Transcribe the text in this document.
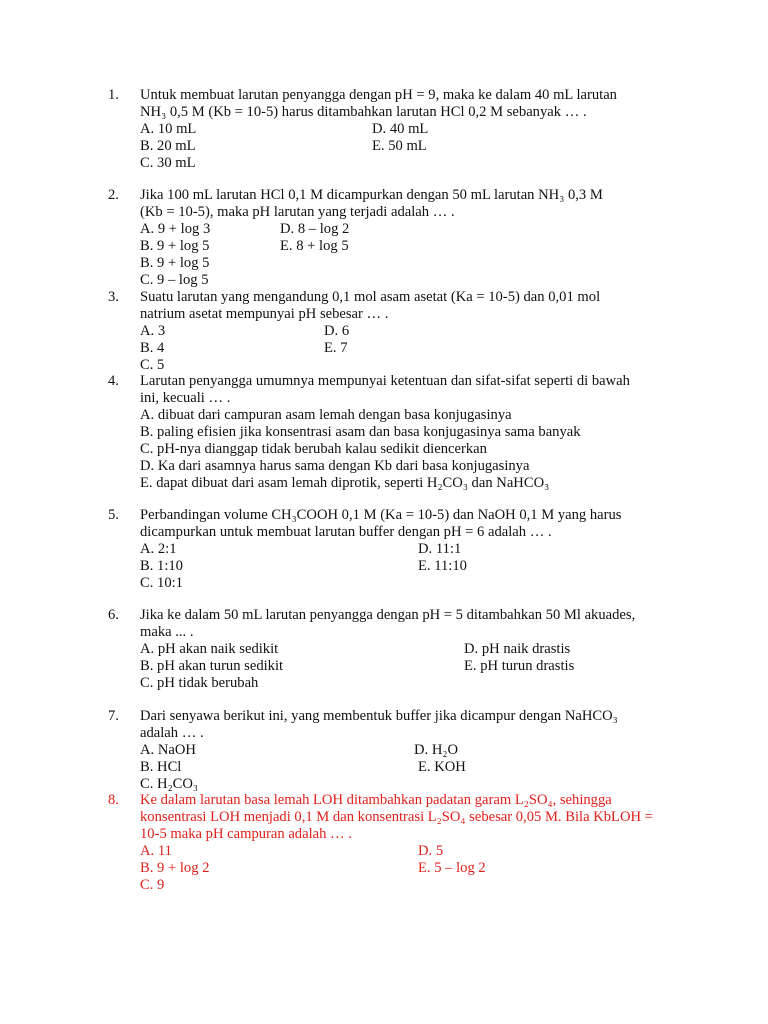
1. Untuk membuat larutan penyangga dengan pH = 9, maka ke dalam 40 mL larutan
NH₃ 0,5 M (Kb = 10-5) harus ditambahkan larutan HCl 0,2 M sebanyak … .
A. 10 mL	D. 40 mL
B. 20 mL	E. 50 mL
C. 30 mL
2. Jika 100 mL larutan HCl 0,1 M dicampurkan dengan 50 mL larutan NH₃ 0,3 M
(Kb = 10-5), maka pH larutan yang terjadi adalah … .
A. 9 + log 3	D. 8 – log 2
B. 9 + log 5	E. 8 + log 5
B. 9 + log 5
C. 9 – log 5
3. Suatu larutan yang mengandung 0,1 mol asam asetat (Ka = 10-5) dan 0,01 mol
natrium asetat mempunyai pH sebesar … .
A. 3	D. 6
B. 4	E. 7
C. 5
4. Larutan penyangga umumnya mempunyai ketentuan dan sifat-sifat seperti di bawah
ini, kecuali … .
A. dibuat dari campuran asam lemah dengan basa konjugasinya
B. paling efisien jika konsentrasi asam dan basa konjugasinya sama banyak
C. pH-nya dianggap tidak berubah kalau sedikit diencerkan
D. Ka dari asamnya harus sama dengan Kb dari basa konjugasinya
E. dapat dibuat dari asam lemah diprotik, seperti H₂CO₃ dan NaHCO₃
5. Perbandingan volume CH₃COOH 0,1 M (Ka = 10-5) dan NaOH 0,1 M yang harus
dicampurkan untuk membuat larutan buffer dengan pH = 6 adalah … .
A. 2:1	D. 11:1
B. 1:10	E. 11:10
C. 10:1
6. Jika ke dalam 50 mL larutan penyangga dengan pH = 5 ditambahkan 50 Ml akuades,
maka ... .
A. pH akan naik sedikit	D. pH naik drastis
B. pH akan turun sedikit	E. pH turun drastis
C. pH tidak berubah
7. Dari senyawa berikut ini, yang membentuk buffer jika dicampur dengan NaHCO₃
adalah … .
A. NaOH	D. H₂O
B. HCl	E. KOH
C. H₂CO₃
8. Ke dalam larutan basa lemah LOH ditambahkan padatan garam L₂SO₄, sehingga
konsentrasi LOH menjadi 0,1 M dan konsentrasi L₂SO₄ sebesar 0,05 M. Bila KbLOH =
10-5 maka pH campuran adalah … .
A. 11	D. 5
B. 9 + log 2	E. 5 – log 2
C. 9
